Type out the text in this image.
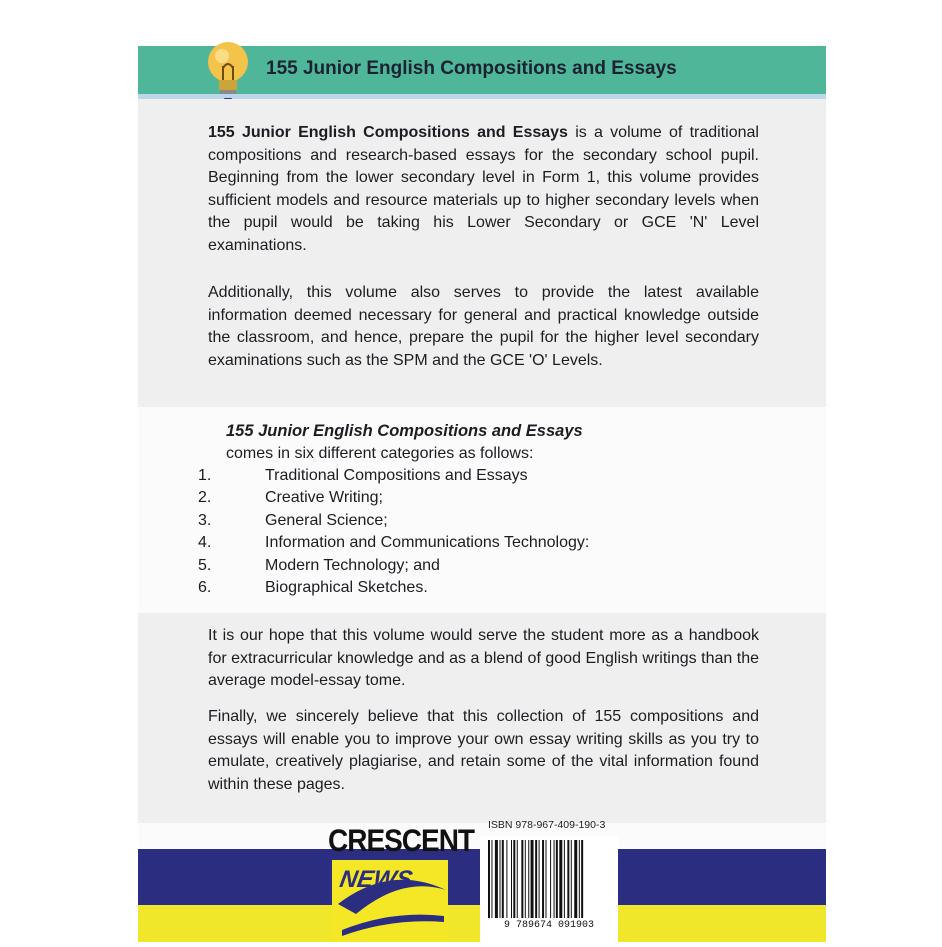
155 Junior English Compositions and Essays

155 Junior English Compositions and Essays is a volume of traditional compositions and research-based essays for the secondary school pupil. Beginning from the lower secondary level in Form 1, this volume provides sufficient models and resource materials up to higher secondary levels when the pupil would be taking his Lower Secondary or GCE 'N' Level examinations.

Additionally, this volume also serves to provide the latest available information deemed necessary for general and practical knowledge outside the classroom, and hence, prepare the pupil for the higher level secondary examinations such as the SPM and the GCE 'O' Levels.

155 Junior English Compositions and Essays
comes in six different categories as follows:
1.	Traditional Compositions and Essays
2.	Creative Writing;
3.	General Science;
4.	Information and Communications Technology:
5.	Modern Technology; and
6.	Biographical Sketches.

It is our hope that this volume would serve the student more as a handbook for extracurricular knowledge and as a blend of good English writings than the average model-essay tome.

Finally, we sincerely believe that this collection of 155 compositions and essays will enable you to improve your own essay writing skills as you try to emulate, creatively plagiarise, and retain some of the vital information found within these pages.

CRESCENT
NEWS
ISBN 978-967-409-190-3
9 789674 091903
